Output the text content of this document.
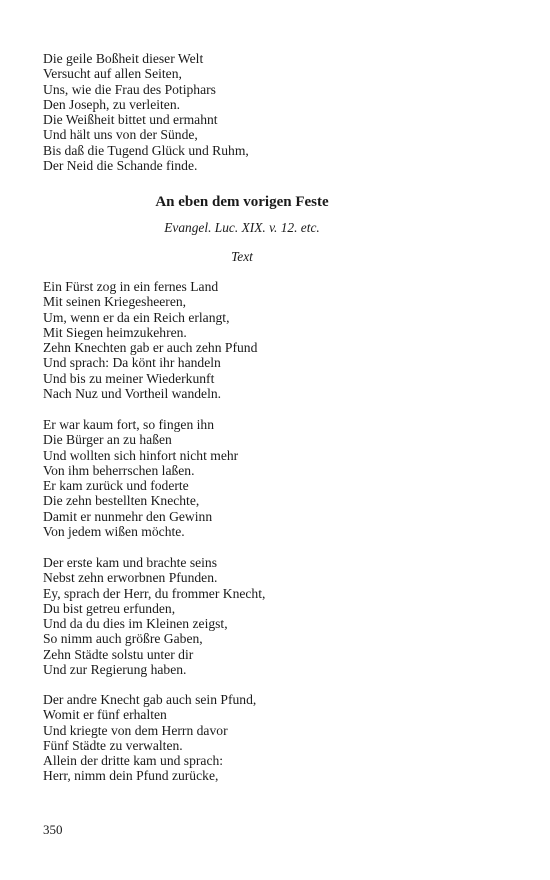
Die geile Boßheit dieser Welt
Versucht auf allen Seiten,
Uns, wie die Frau des Potiphars
Den Joseph, zu verleiten.
Die Weißheit bittet und ermahnt
Und hält uns von der Sünde,
Bis daß die Tugend Glück und Ruhm,
Der Neid die Schande finde.
An eben dem vorigen Feste
Evangel. Luc. XIX. v. 12. etc.
Text
Ein Fürst zog in ein fernes Land
Mit seinen Kriegesheeren,
Um, wenn er da ein Reich erlangt,
Mit Siegen heimzukehren.
Zehn Knechten gab er auch zehn Pfund
Und sprach: Da könt ihr handeln
Und bis zu meiner Wiederkunft
Nach Nuz und Vortheil wandeln.
Er war kaum fort, so fingen ihn
Die Bürger an zu haßen
Und wollten sich hinfort nicht mehr
Von ihm beherrschen laßen.
Er kam zurück und foderte
Die zehn bestellten Knechte,
Damit er nunmehr den Gewinn
Von jedem wißen möchte.
Der erste kam und brachte seins
Nebst zehn erworbnen Pfunden.
Ey, sprach der Herr, du frommer Knecht,
Du bist getreu erfunden,
Und da du dies im Kleinen zeigst,
So nimm auch größre Gaben,
Zehn Städte solstu unter dir
Und zur Regierung haben.
Der andre Knecht gab auch sein Pfund,
Womit er fünf erhalten
Und kriegte von dem Herrn davor
Fünf Städte zu verwalten.
Allein der dritte kam und sprach:
Herr, nimm dein Pfund zurücke,
350
